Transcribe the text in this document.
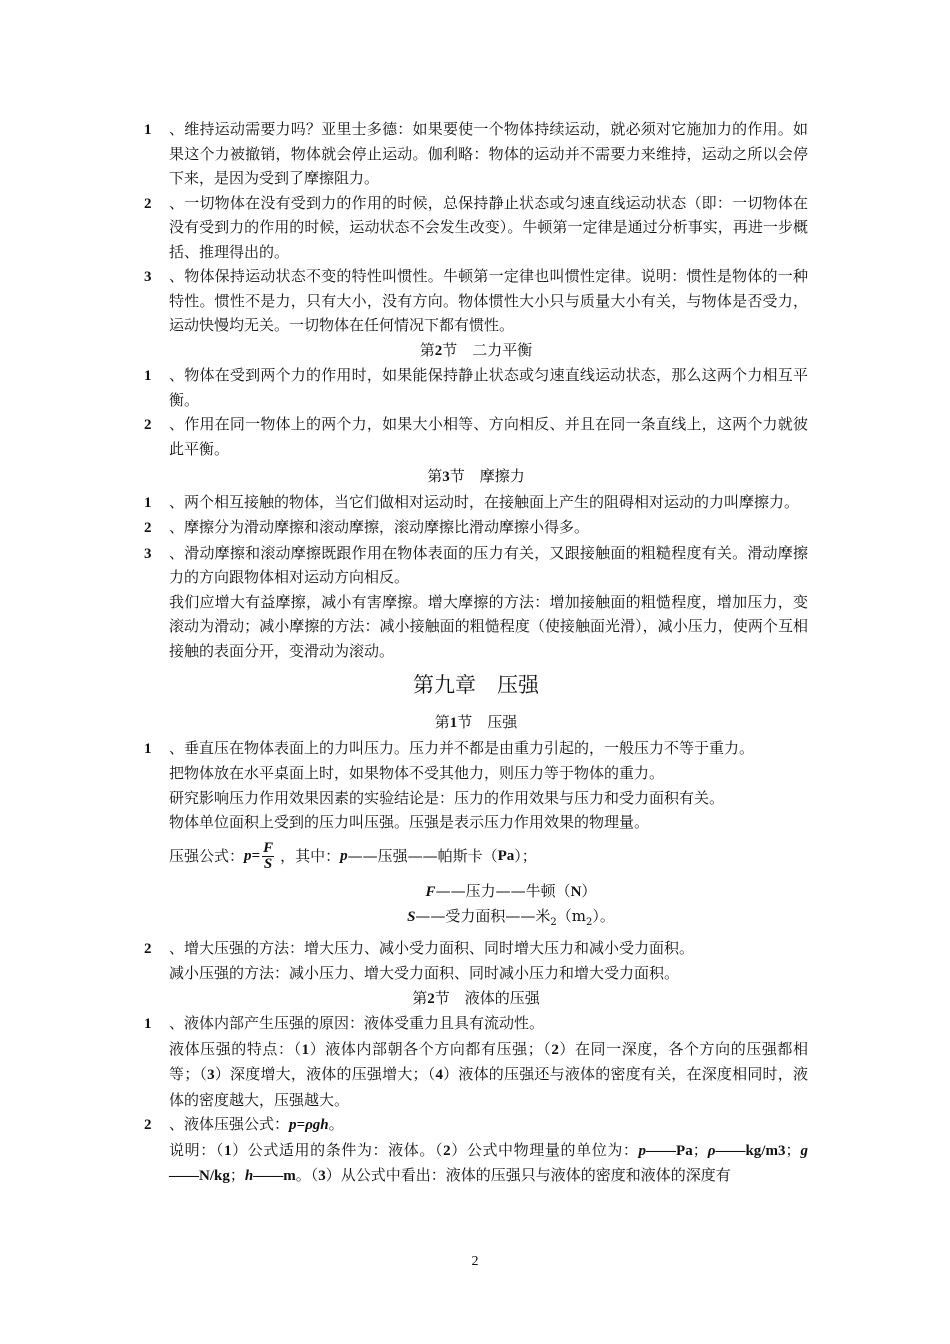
1	、维持运动需要力吗？亚里士多德：如果要使一个物体持续运动，就必须对它施加力的作用。如果这个力被撤销，物体就会停止运动。伽利略：物体的运动并不需要力来维持，运动之所以会停下来，是因为受到了摩擦阻力。
2	、一切物体在没有受到力的作用的时候，总保持静止状态或匀速直线运动状态（即：一切物体在没有受到力的作用的时候，运动状态不会发生改变）。牛顿第一定律是通过分析事实，再进一步概括、推理得出的。
3	、物体保持运动状态不变的特性叫惯性。牛顿第一定律也叫惯性定律。说明：惯性是物体的一种特性。惯性不是力，只有大小，没有方向。物体惯性大小只与质量大小有关，与物体是否受力，运动快慢均无关。一切物体在任何情况下都有惯性。
第2节　二力平衡
1	、物体在受到两个力的作用时，如果能保持静止状态或匀速直线运动状态，那么这两个力相互平衡。
2	、作用在同一物体上的两个力，如果大小相等、方向相反、并且在同一条直线上，这两个力就彼此平衡。
第3节　摩擦力
1	、两个相互接触的物体，当它们做相对运动时，在接触面上产生的阻碍相对运动的力叫摩擦力。
2	、摩擦分为滑动摩擦和滚动摩擦，滚动摩擦比滑动摩擦小得多。
3	、滑动摩擦和滚动摩擦既跟作用在物体表面的压力有关，又跟接触面的粗糙程度有关。滑动摩擦力的方向跟物体相对运动方向相反。
我们应增大有益摩擦，减小有害摩擦。增大摩擦的方法：增加接触面的粗慥程度，增加压力，变滚动为滑动；减小摩擦的方法：减小接触面的粗慥程度（使接触面光滑），减小压力，使两个互相接触的表面分开，变滑动为滚动。
第九章　压强
第1节　压强
1	、垂直压在物体表面上的力叫压力。压力并不都是由重力引起的，一般压力不等于重力。
把物体放在水平桌面上时，如果物体不受其他力，则压力等于物体的重力。
研究影响压力作用效果因素的实验结论是：压力的作用效果与压力和受力面积有关。
物体单位面积上受到的压力叫压强。压强是表示压力作用效果的物理量。
压强公式： $p= \frac{F}{S}$ ，其中： p ——压强——帕斯卡（ Pa ）；
F——压力——牛顿（N）
S——受力面积——米$_2(m_2)$。
2	、增大压强的方法：增大压力、减小受力面积、同时增大压力和减小受力面积。
减小压强的方法：减小压力、增大受力面积、同时减小压力和增大受力面积。
第2节　液体的压强
1	、液体内部产生压强的原因：液体受重力且具有流动性。
液体压强的特点：（1）液体内部朝各个方向都有压强；（2）在同一深度，各个方向的压强都相等；（3）深度增大，液体的压强增大；（4）液体的压强还与液体的密度有关，在深度相同时，液体的密度越大，压强越大。
2	、液体压强公式：p=ρgh。
说明：（1）公式适用的条件为：液体。（2）公式中物理量的单位为：p——Pa；ρ——kg/m3；g——N/kg；h——m。（3）从公式中看出：液体的压强只与液体的密度和液体的深度有
2
